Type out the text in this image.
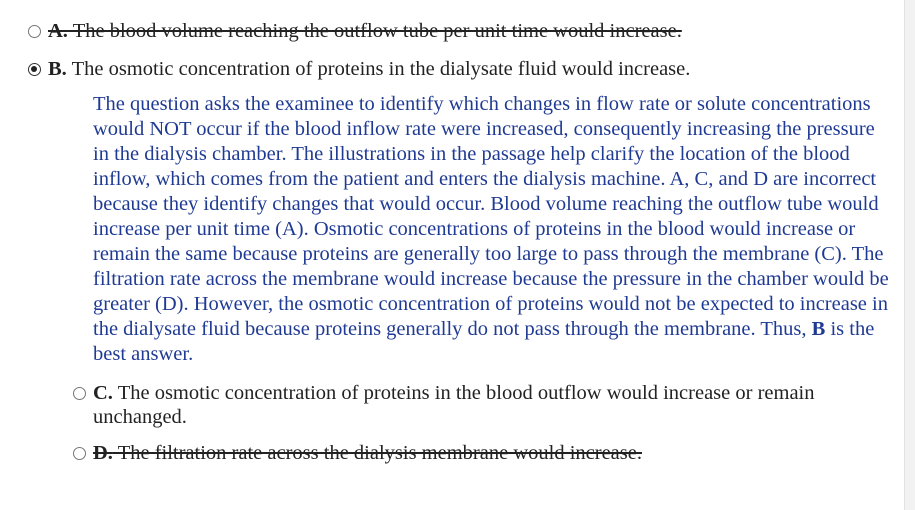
A. The blood volume reaching the outflow tube per unit time would increase.
B. The osmotic concentration of proteins in the dialysate fluid would increase.
The question asks the examinee to identify which changes in flow rate or solute concentrations would NOT occur if the blood inflow rate were increased, consequently increasing the pressure in the dialysis chamber. The illustrations in the passage help clarify the location of the blood inflow, which comes from the patient and enters the dialysis machine. A, C, and D are incorrect because they identify changes that would occur. Blood volume reaching the outflow tube would increase per unit time (A). Osmotic concentrations of proteins in the blood would increase or remain the same because proteins are generally too large to pass through the membrane (C). The filtration rate across the membrane would increase because the pressure in the chamber would be greater (D). However, the osmotic concentration of proteins would not be expected to increase in the dialysate fluid because proteins generally do not pass through the membrane. Thus, B is the best answer.
C. The osmotic concentration of proteins in the blood outflow would increase or remain unchanged.
D. The filtration rate across the dialysis membrane would increase.
